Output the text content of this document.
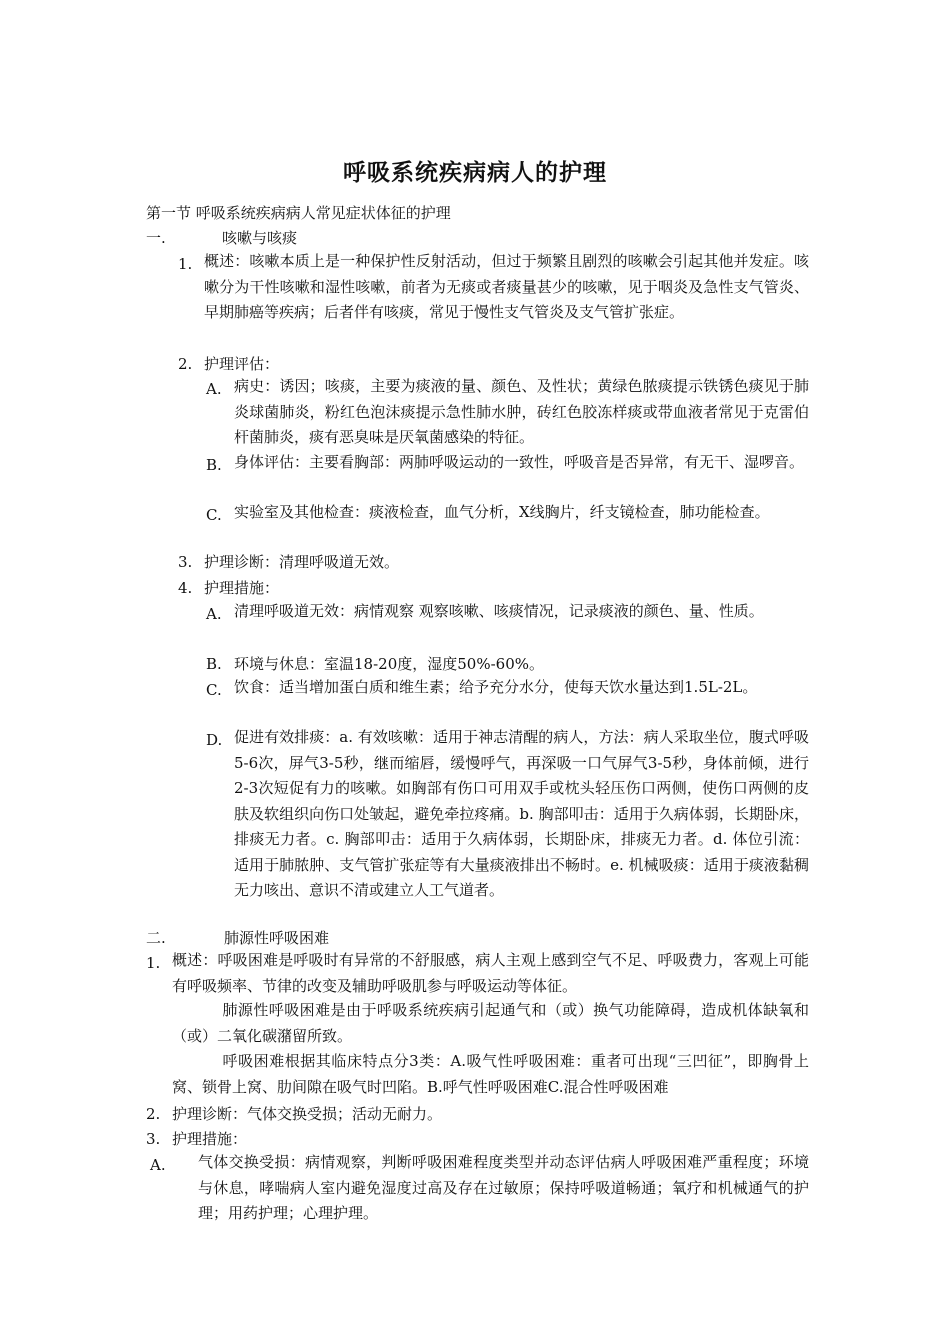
呼吸系统疾病病人的护理
第一节 呼吸系统疾病病人常见症状体征的护理
一.	咳嗽与咳痰
1. 概述：咳嗽本质上是一种保护性反射活动，但过于频繁且剧烈的咳嗽会引起其他并发症。咳嗽分为干性咳嗽和湿性咳嗽，前者为无痰或者痰量甚少的咳嗽，见于咽炎及急性支气管炎、早期肺癌等疾病；后者伴有咳痰，常见于慢性支气管炎及支气管扩张症。
2. 护理评估：
A. 病史：诱因；咳痰，主要为痰液的量、颜色、及性状；黄绿色脓痰提示铁锈色痰见于肺炎球菌肺炎，粉红色泡沫痰提示急性肺水肿，砖红色胶冻样痰或带血液者常见于克雷伯杆菌肺炎，痰有恶臭味是厌氧菌感染的特征。
B. 身体评估：主要看胸部：两肺呼吸运动的一致性，呼吸音是否异常，有无干、湿啰音。
C. 实验室及其他检查：痰液检查，血气分析，X线胸片，纤支镜检查，肺功能检查。
3. 护理诊断：清理呼吸道无效。
4. 护理措施：
A. 清理呼吸道无效：病情观察 观察咳嗽、咳痰情况，记录痰液的颜色、量、性质。
B. 环境与休息：室温18-20度，湿度50%-60%。
C. 饮食：适当增加蛋白质和维生素；给予充分水分，使每天饮水量达到1.5L-2L。
D. 促进有效排痰：a. 有效咳嗽：适用于神志清醒的病人，方法：病人采取坐位，腹式呼吸5-6次，屏气3-5秒，继而缩唇，缓慢呼气，再深吸一口气屏气3-5秒，身体前倾，进行2-3次短促有力的咳嗽。如胸部有伤口可用双手或枕头轻压伤口两侧，使伤口两侧的皮肤及软组织向伤口处皱起，避免牵拉疼痛。b. 胸部叩击：适用于久病体弱，长期卧床，排痰无力者。c. 胸部叩击：适用于久病体弱，长期卧床，排痰无力者。d. 体位引流：适用于肺脓肿、支气管扩张症等有大量痰液排出不畅时。e. 机械吸痰：适用于痰液黏稠无力咳出、意识不清或建立人工气道者。
二.	肺源性呼吸困难
1. 概述：呼吸困难是呼吸时有异常的不舒服感，病人主观上感到空气不足、呼吸费力，客观上可能有呼吸频率、节律的改变及辅助呼吸肌参与呼吸运动等体征。
肺源性呼吸困难是由于呼吸系统疾病引起通气和（或）换气功能障碍，造成机体缺氧和（或）二氧化碳潴留所致。
呼吸困难根据其临床特点分3类：A.吸气性呼吸困难：重者可出现“三凹征”，即胸骨上窝、锁骨上窝、肋间隙在吸气时凹陷。B.呼气性呼吸困难C.混合性呼吸困难
2. 护理诊断：气体交换受损；活动无耐力。
3. 护理措施：
A. 气体交换受损：病情观察，判断呼吸困难程度类型并动态评估病人呼吸困难严重程度；环境与休息，哮喘病人室内避免湿度过高及存在过敏原；保持呼吸道畅通；氧疗和机械通气的护理；用药护理；心理护理。
